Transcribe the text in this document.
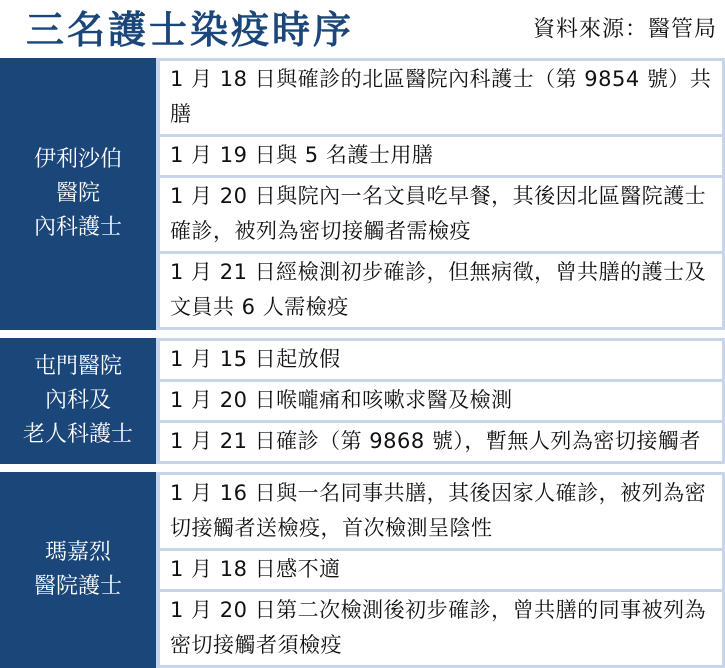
三名護士染疫時序	資料來源：醫管局
伊利沙伯
醫院
內科護士
1 月 18 日與確診的北區醫院內科護士（第 9854 號）共膳
1 月 19 日與 5 名護士用膳
1 月 20 日與院內一名文員吃早餐，其後因北區醫院護士確診，被列為密切接觸者需檢疫
1 月 21 日經檢測初步確診，但無病徵，曾共膳的護士及文員共 6 人需檢疫
屯門醫院
內科及
老人科護士
1 月 15 日起放假
1 月 20 日喉嚨痛和咳嗽求醫及檢測
1 月 21 日確診（第 9868 號），暫無人列為密切接觸者
瑪嘉烈
醫院護士
1 月 16 日與一名同事共膳，其後因家人確診，被列為密切接觸者送檢疫，首次檢測呈陰性
1 月 18 日感不適
1 月 20 日第二次檢測後初步確診，曾共膳的同事被列為密切接觸者須檢疫
